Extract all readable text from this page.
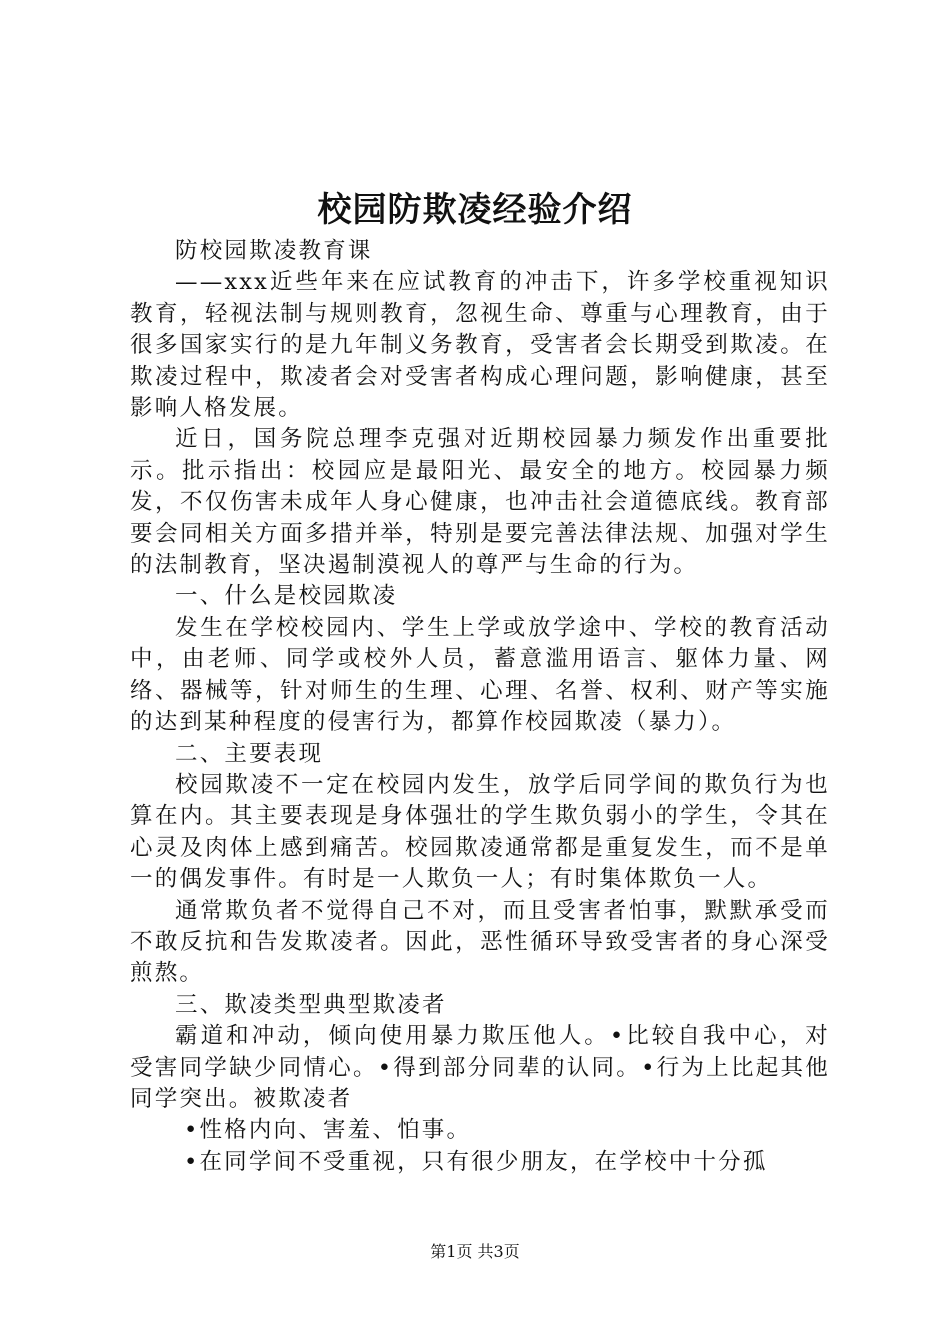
校园防欺凌经验介绍

防校园欺凌教育课

——xxx近些年来在应试教育的冲击下，许多学校重视知识教育，轻视法制与规则教育，忽视生命、尊重与心理教育，由于很多国家实行的是九年制义务教育，受害者会长期受到欺凌。在欺凌过程中，欺凌者会对受害者构成心理问题，影响健康，甚至影响人格发展。

近日，国务院总理李克强对近期校园暴力频发作出重要批示。批示指出：校园应是最阳光、最安全的地方。校园暴力频发，不仅伤害未成年人身心健康，也冲击社会道德底线。教育部要会同相关方面多措并举，特别是要完善法律法规、加强对学生的法制教育，坚决遏制漠视人的尊严与生命的行为。

一、什么是校园欺凌

发生在学校校园内、学生上学或放学途中、学校的教育活动中，由老师、同学或校外人员，蓄意滥用语言、躯体力量、网络、器械等，针对师生的生理、心理、名誉、权利、财产等实施的达到某种程度的侵害行为，都算作校园欺凌（暴力）。

二、主要表现

校园欺凌不一定在校园内发生，放学后同学间的欺负行为也算在内。其主要表现是身体强壮的学生欺负弱小的学生，令其在心灵及肉体上感到痛苦。校园欺凌通常都是重复发生，而不是单一的偶发事件。有时是一人欺负一人；有时集体欺负一人。

通常欺负者不觉得自己不对，而且受害者怕事，默默承受而不敢反抗和告发欺凌者。因此，恶性循环导致受害者的身心深受煎熬。

三、欺凌类型典型欺凌者

霸道和冲动，倾向使用暴力欺压他人。•比较自我中心，对受害同学缺少同情心。•得到部分同辈的认同。•行为上比起其他同学突出。被欺凌者

•性格内向、害羞、怕事。

•在同学间不受重视，只有很少朋友，在学校中十分孤

第1页 共3页
